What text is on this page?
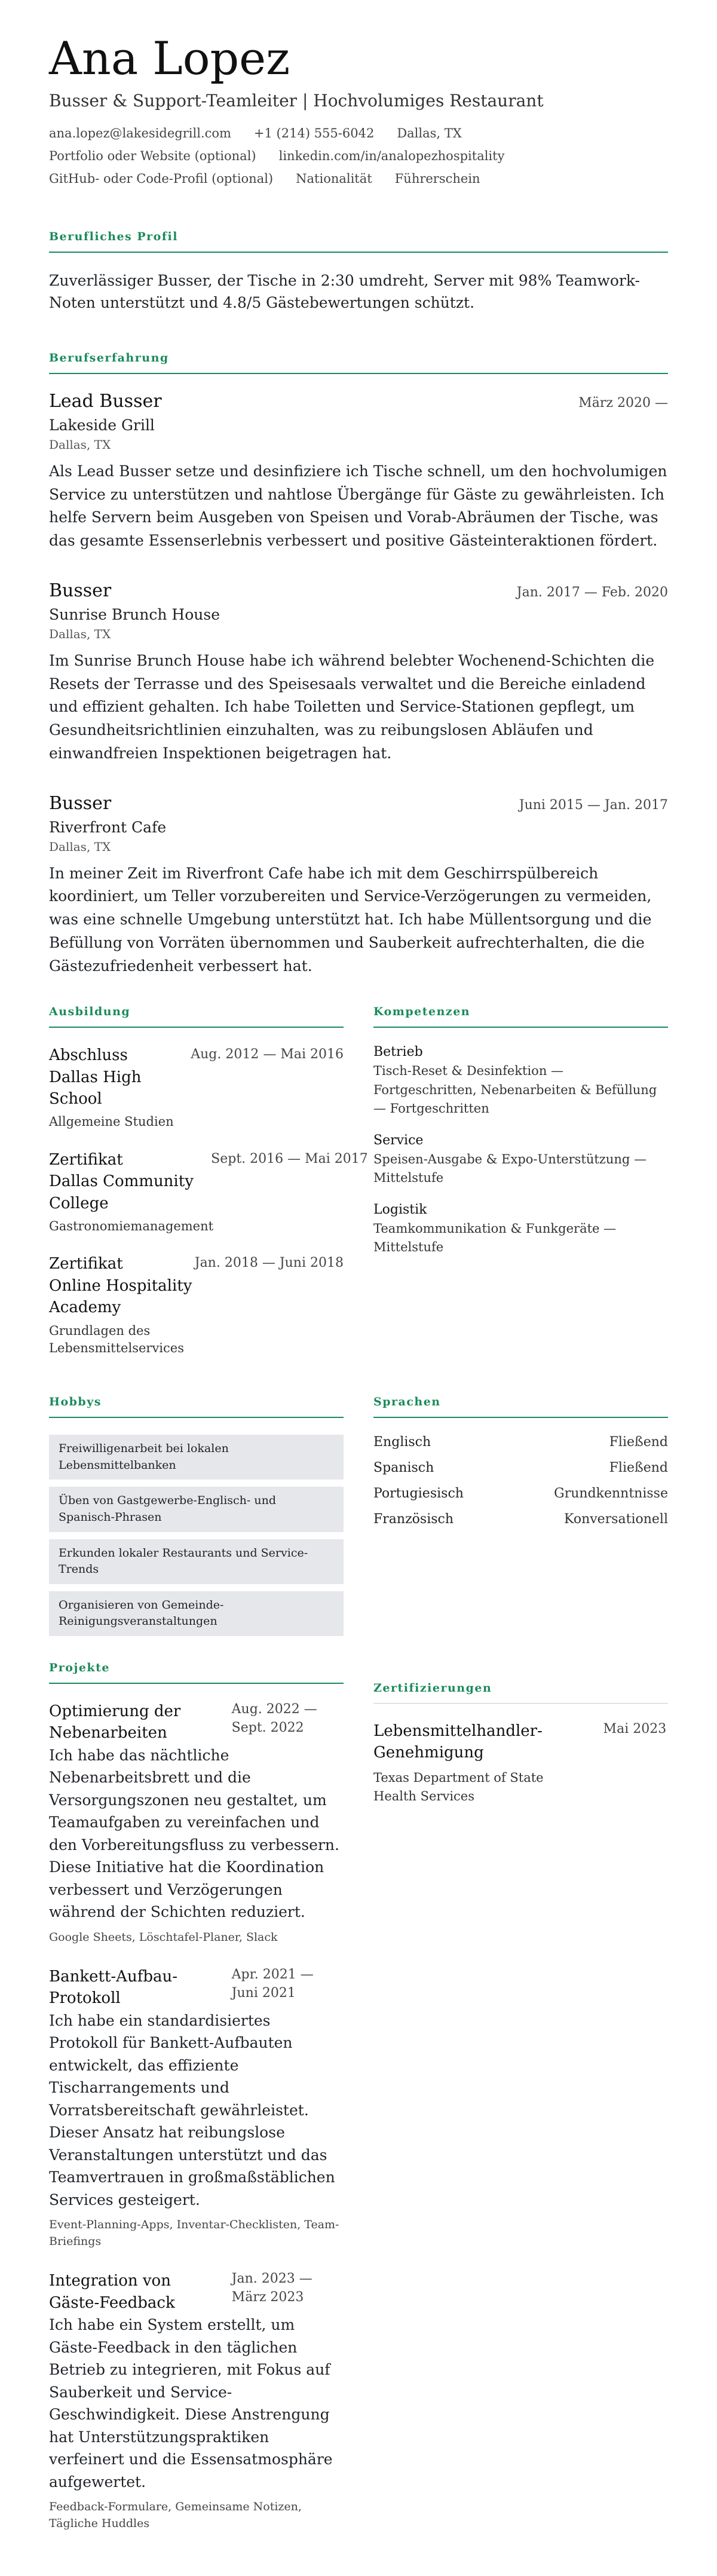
Ana Lopez
Busser & Support-Teamleiter | Hochvolumiges Restaurant
ana.lopez@lakesidegrill.com +1 (214) 555-6042 Dallas, TX
Portfolio oder Website (optional) linkedin.com/in/analopezhospitality
GitHub- oder Code-Profil (optional) Nationalität Führerschein
Berufliches Profil

Zuverlässiger Busser, der Tische in 2:30 umdreht, Server mit 98% Teamwork-Noten unterstützt und 4.8/5 Gästebewertungen schützt.

Berufserfahrung
Lead Busser	März 2020 —
Lakeside Grill
Dallas, TX

Als Lead Busser setze und desinfiziere ich Tische schnell, um den hochvolumigen Service zu unterstützen und nahtlose Übergänge für Gäste zu gewährleisten. Ich helfe Servern beim Ausgeben von Speisen und Vorab-Abräumen der Tische, was das gesamte Essenserlebnis verbessert und positive Gästeinteraktionen fördert.

Busser	Jan. 2017 — Feb. 2020
Sunrise Brunch House
Dallas, TX

Im Sunrise Brunch House habe ich während belebter Wochenend-Schichten die Resets der Terrasse und des Speisesaals verwaltet und die Bereiche einladend und effizient gehalten. Ich habe Toiletten und Service-Stationen gepflegt, um Gesundheitsrichtlinien einzuhalten, was zu reibungslosen Abläufen und einwandfreien Inspektionen beigetragen hat.

Busser	Juni 2015 — Jan. 2017
Riverfront Cafe
Dallas, TX

In meiner Zeit im Riverfront Cafe habe ich mit dem Geschirrspülbereich koordiniert, um Teller vorzubereiten und Service-Verzögerungen zu vermeiden, was eine schnelle Umgebung unterstützt hat. Ich habe Müllentsorgung und die Befüllung von Vorräten übernommen und Sauberkeit aufrechterhalten, die die Gästezufriedenheit verbessert hat.

Ausbildung
Abschluss
Dallas High School
Allgemeine Studien
Aug. 2012 — Mai 2016
Zertifikat
Dallas Community College
Gastronomiemanagement
Sept. 2016 — Mai 2017
Zertifikat
Online Hospitality Academy
Grundlagen des Lebensmittelservices
Jan. 2018 — Juni 2018
Kompetenzen
Betrieb
Tisch-Reset & Desinfektion — Fortgeschritten, Nebenarbeiten & Befüllung — Fortgeschritten
Service
Speisen-Ausgabe & Expo-Unterstützung — Mittelstufe
Logistik
Teamkommunikation & Funkgeräte — Mittelstufe
Hobbys
Freiwilligenarbeit bei lokalen Lebensmittelbanken
Üben von Gastgewerbe-Englisch- und Spanisch-Phrasen
Erkunden lokaler Restaurants und Service-Trends
Organisieren von Gemeinde-Reinigungsveranstaltungen
Sprachen
Englisch	Fließend
Spanisch	Fließend
Portugiesisch	Grundkenntnisse
Französisch	Konversationell
Projekte
Optimierung der Nebenarbeiten
Aug. 2022 — Sept. 2022

Ich habe das nächtliche Nebenarbeitsbrett und die Versorgungszonen neu gestaltet, um Teamaufgaben zu vereinfachen und den Vorbereitungsfluss zu verbessern. Diese Initiative hat die Koordination verbessert und Verzögerungen während der Schichten reduziert.

Google Sheets, Löschtafel-Planer, Slack
Bankett-Aufbau-Protokoll
Apr. 2021 — Juni 2021

Ich habe ein standardisiertes Protokoll für Bankett-Aufbauten entwickelt, das effiziente Tischarrangements und Vorratsbereitschaft gewährleistet. Dieser Ansatz hat reibungslose Veranstaltungen unterstützt und das Teamvertrauen in großmaßstäblichen Services gesteigert.

Event-Planning-Apps, Inventar-Checklisten, Team-Briefings
Integration von Gäste-Feedback
Jan. 2023 — März 2023

Ich habe ein System erstellt, um Gäste-Feedback in den täglichen Betrieb zu integrieren, mit Fokus auf Sauberkeit und Service-Geschwindigkeit. Diese Anstrengung hat Unterstützungspraktiken verfeinert und die Essensatmosphäre aufgewertet.

Feedback-Formulare, Gemeinsame Notizen, Tägliche Huddles
Zertifizierungen
Lebensmittelhandler-Genehmigung
Texas Department of State Health Services
Mai 2023
